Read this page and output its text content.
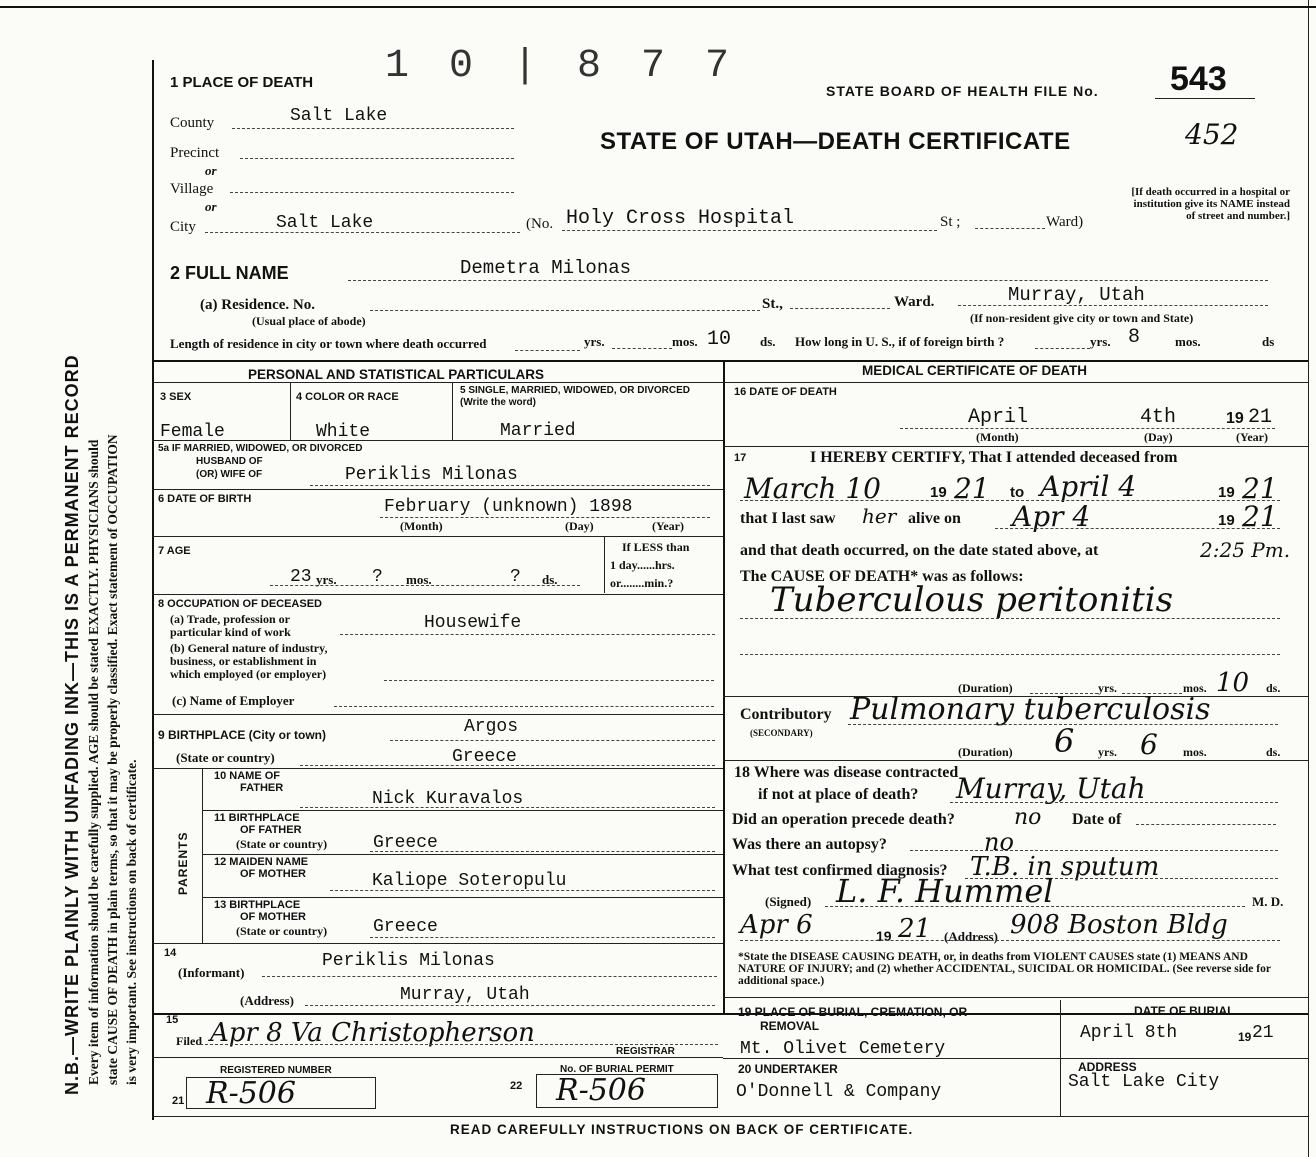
N.B.—WRITE PLAINLY WITH UNFADING INK—THIS IS A PERMANENT RECORD Every item of information should be carefully supplied. AGE should be stated EXACTLY. PHYSICIANS should state CAUSE OF DEATH in plain terms, so that it may be properly classified. Exact statement of OCCUPATION is very important. See instructions on back of certificate.
1 0 | 8 7 7
1 PLACE OF DEATH	STATE BOARD OF HEALTH FILE No. 543
STATE OF UTAH—DEATH CERTIFICATE	452
County	Salt Lake
Precinct
or
Village
or
City	Salt Lake	(No. Holy Cross Hospital	St ;	Ward)
[If death occurred in a hospital or institution give its NAME instead of street and number.]
2 FULL NAME	Demetra Milonas
(a) Residence. No.	St.,	Ward.	Murray, Utah
(Usual place of abode)	(If non-resident give city or town and State)
Length of residence in city or town where death occurred	yrs.	mos. 10 ds. How long in U. S., if of foreign birth ?	yrs. 8	mos.	ds
PERSONAL AND STATISTICAL PARTICULARS
3 SEX
Female
4 COLOR OR RACE
White
5 SINGLE, MARRIED, WIDOWED, OR DIVORCED (Write the word)
Married
5a IF MARRIED, WIDOWED, OR DIVORCED
HUSBAND OF
(OR) WIFE OF	Periklis Milonas
6 DATE OF BIRTH	February (unknown) 1898
(Month)	(Day)	(Year)
7 AGE
23 yrs. ? mos.	? ds.
If LESS than
1 day......hrs.
or........min.?
8 OCCUPATION OF DECEASED
(a) Trade, profession or
particular kind of work	Housewife
(b) General nature of industry,
business, or establishment in
which employed (or employer)
(c) Name of Employer
9 BIRTHPLACE (City or town)	Argos
(State or country)	Greece
PARENTS
10 NAME OF
FATHER
Nick Kuravalos
11 BIRTHPLACE
OF FATHER
(State or country)	Greece
12 MAIDEN NAME
OF MOTHER	Kaliope Soteropulu
13 BIRTHPLACE
OF MOTHER
(State or country)	Greece
14
(Informant)
Periklis Milonas
(Address)	Murray, Utah
15
Filed Apr 8 Va Christopherson
REGISTRAR
REGISTERED NUMBER
21 R-506
No. OF BURIAL PERMIT
22 R-506
MEDICAL CERTIFICATE OF DEATH
16 DATE OF DEATH
April	4th	19 21
(Month)	(Day)	(Year)
17	I HEREBY CERTIFY, That I attended deceased from
March 10	19 21 to April 4	19 21
that I last saw her alive on Apr 4	19 21
and that death occurred, on the date stated above, at	2:25 Pm.
The CAUSE OF DEATH* was as follows:
Tuberculous peritonitis
(Duration)	yrs.	mos. 10 ds.
Contributory Pulmonary tuberculosis
(SECONDARY)
(Duration) 6 yrs. 6 mos.	ds.
18 Where was disease contracted
if not at place of death? Murray, Utah
Did an operation precede death?	no Date of
Was there an autopsy?	no
What test confirmed diagnosis? T.B. in sputum
(Signed) L. F. Hummel	M. D.
Apr 6	19 21 (Address) 908 Boston Bldg
*State the DISEASE CAUSING DEATH, or, in deaths from VIOLENT CAUSES state (1) MEANS AND NATURE OF INJURY; and (2) whether ACCIDENTAL, SUICIDAL OR HOMICIDAL. (See reverse side for additional space.)
19 PLACE OF BURIAL, CREMATION, OR
REMOVAL
Mt. Olivet Cemetery
DATE OF BURIAL
April 8th	19 21
20 UNDERTAKER
O'Donnell & Company
ADDRESS
Salt Lake City
READ CAREFULLY INSTRUCTIONS ON BACK OF CERTIFICATE.
